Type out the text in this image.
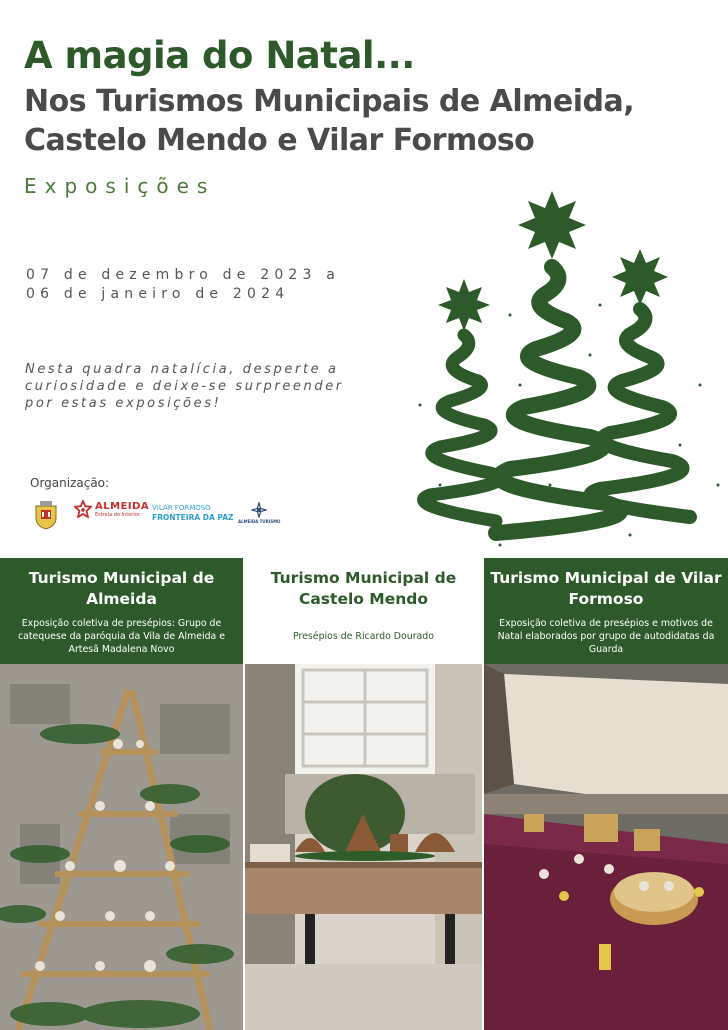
A magia do Natal...
Nos Turismos Municipais de Almeida, Castelo Mendo e Vilar Formoso
Exposições
07 de dezembro de 2023 a
06 de janeiro de 2024
Nesta quadra natalícia, desperte a
curiosidade e deixe-se surpreender
por estas exposições!
Organização:
ALMEIDA
Estrela do Interior
VILAR FORMOSO
FRONTEIRA DA PAZ ALMEIDA TURISMO
Turismo Municipal de Almeida
Exposição coletiva de presépios: Grupo de catequese da paróquia da Vila de Almeida e Artesã Madalena Novo
Turismo Municipal de Castelo Mendo
Presépios de Ricardo Dourado
Turismo Municipal de Vilar Formoso
Exposição coletiva de presépios e motivos de Natal elaborados por grupo de autodidatas da Guarda
